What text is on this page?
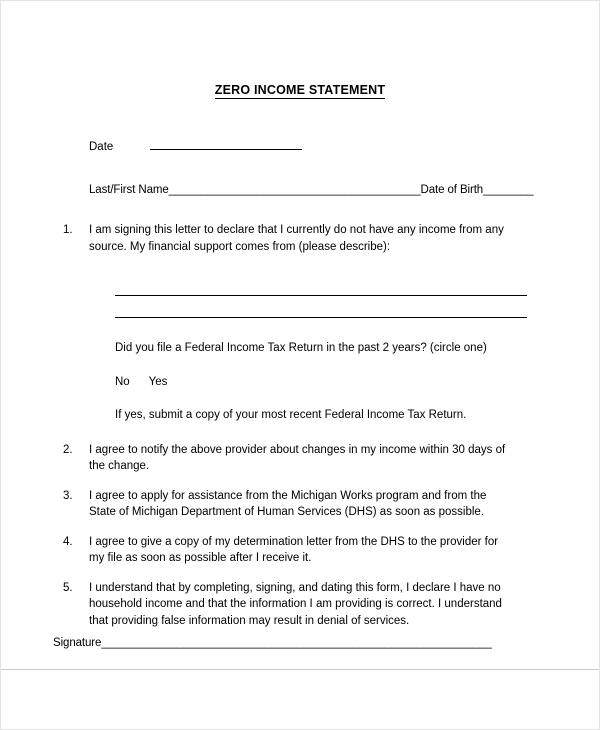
ZERO INCOME STATEMENT
Date
Last/First Name________________________________________Date of Birth________
1.	I am signing this letter to declare that I currently do not have any income from any source. My financial support comes from (please describe):
Did you file a Federal Income Tax Return in the past 2 years? (circle one)
No      Yes
If yes, submit a copy of your most recent Federal Income Tax Return.
2.	I agree to notify the above provider about changes in my income within 30 days of the change.
3.	I agree to apply for assistance from the Michigan Works program and from the State of Michigan Department of Human Services (DHS) as soon as possible.
4.	I agree to give a copy of my determination letter from the DHS to the provider for my file as soon as possible after I receive it.
5.	I understand that by completing, signing, and dating this form, I declare I have no household income and that the information I am providing is correct. I understand that providing false information may result in denial of services.
Signature______________________________________________________________
